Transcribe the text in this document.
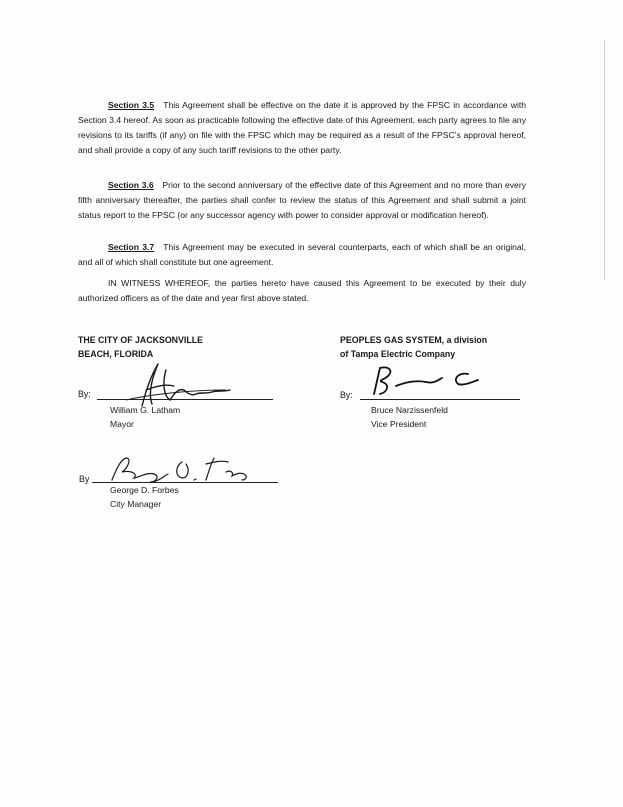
Section 3.5 This Agreement shall be effective on the date it is approved by the FPSC in accordance with Section 3.4 hereof. As soon as practicable following the effective date of this Agreement, each party agrees to file any revisions to its tariffs (if any) on file with the FPSC which may be required as a result of the FPSC’s approval hereof, and shall provide a copy of any such tariff revisions to the other party.
Section 3.6 Prior to the second anniversary of the effective date of this Agreement and no more than every fifth anniversary thereafter, the parties shall confer to review the status of this Agreement and shall submit a joint status report to the FPSC (or any successor agency with power to consider approval or modification hereof).
Section 3.7 This Agreement may be executed in several counterparts, each of which shall be an original, and all of which shall constitute but one agreement.
IN WITNESS WHEREOF, the parties hereto have caused this Agreement to be executed by their duly authorized officers as of the date and year first above stated.
THE CITY OF JACKSONVILLE
BEACH, FLORIDA
PEOPLES GAS SYSTEM, a division
of Tampa Electric Company
By:
William G. Latham
Mayor
By:
Bruce Narzissenfeld
Vice President
By
George D. Forbes
City Manager
